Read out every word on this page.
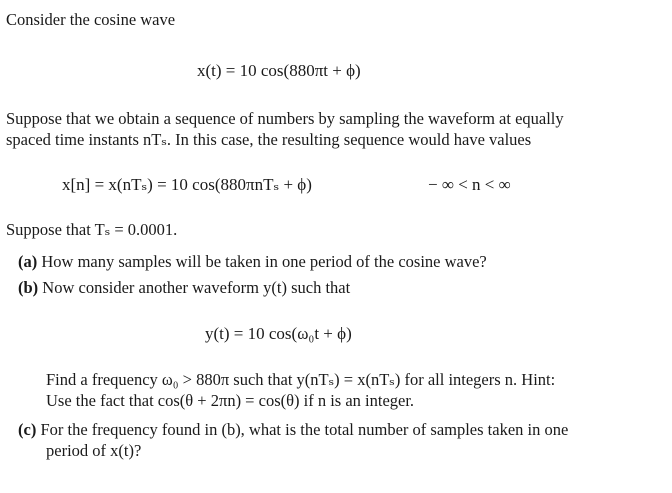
Consider the cosine wave
x(t) = 10 cos(880πt + ϕ)
Suppose that we obtain a sequence of numbers by sampling the waveform at equally
spaced time instants nTₛ. In this case, the resulting sequence would have values
x[n] = x(nTₛ) = 10 cos(880πnTₛ + ϕ)	− ∞ < n < ∞
Suppose that Tₛ = 0.0001.
(a) How many samples will be taken in one period of the cosine wave?
(b) Now consider another waveform y(t) such that
y(t) = 10 cos(ω₀t + ϕ)
Find a frequency ω₀ > 880π such that y(nTₛ) = x(nTₛ) for all integers n. Hint:
Use the fact that cos(θ + 2πn) = cos(θ) if n is an integer.
(c) For the frequency found in (b), what is the total number of samples taken in one
period of x(t)?
